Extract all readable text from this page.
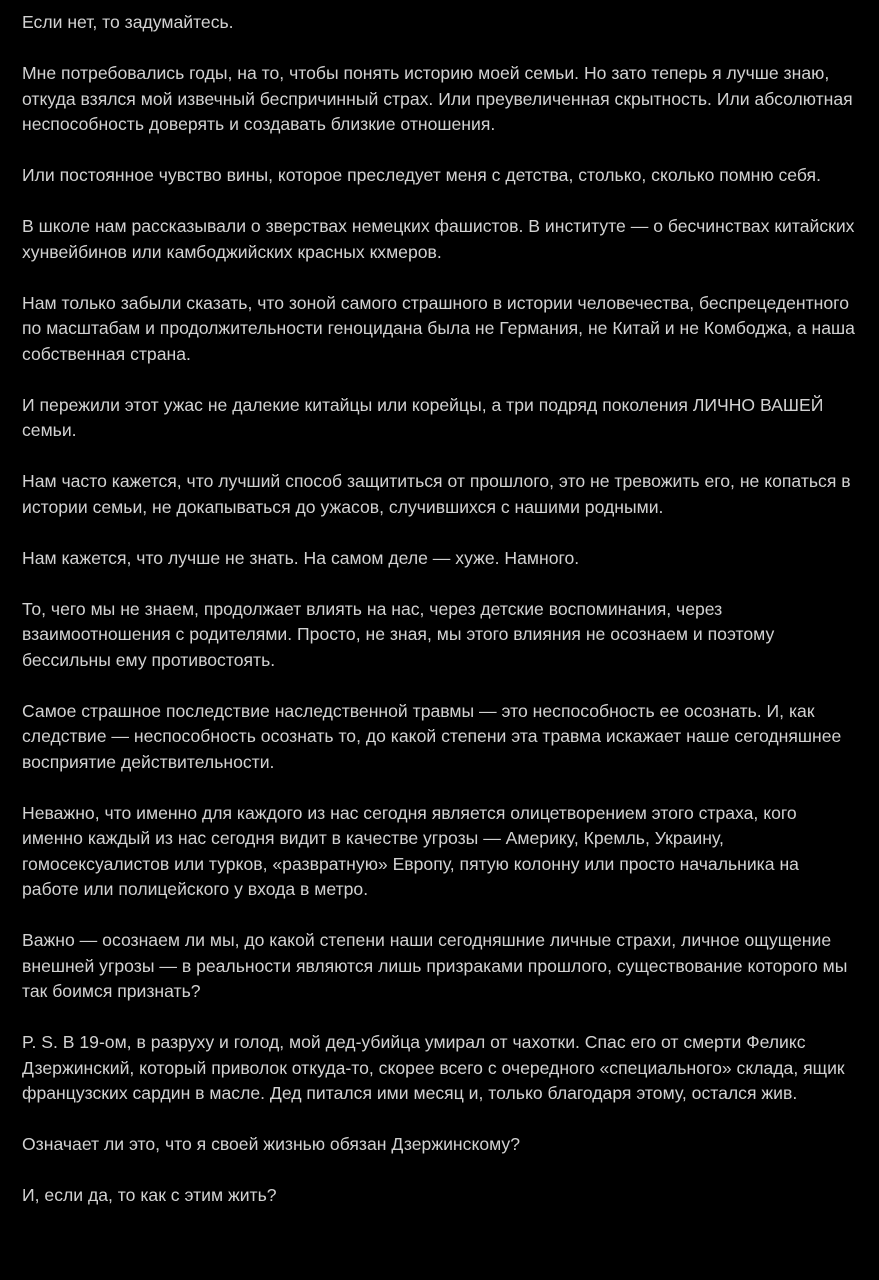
Если нет, то задумайтесь.

Мне потребовались годы, на то, чтобы понять историю моей семьи. Но зато теперь я лучше знаю, откуда взялся мой извечный беспричинный страх. Или преувеличенная скрытность. Или абсолютная неспособность доверять и создавать близкие отношения.

Или постоянное чувство вины, которое преследует меня с детства, столько, сколько помню себя.

В школе нам рассказывали о зверствах немецких фашистов. В институте — о бесчинствах китайских хунвейбинов или камбоджийских красных кхмеров.

Нам только забыли сказать, что зоной самого страшного в истории человечества, беспрецедентного по масштабам и продолжительности геноцидана была не Германия, не Китай и не Комбоджа, а наша собственная страна.

И пережили этот ужас не далекие китайцы или корейцы, а три подряд поколения ЛИЧНО ВАШЕЙ семьи.

Нам часто кажется, что лучший способ защититься от прошлого, это не тревожить его, не копаться в истории семьи, не докапываться до ужасов, случившихся с нашими родными.

Нам кажется, что лучше не знать. На самом деле — хуже. Намного.

То, чего мы не знаем, продолжает влиять на нас, через детские воспоминания, через взаимоотношения с родителями. Просто, не зная, мы этого влияния не осознаем и поэтому бессильны ему противостоять.

Самое страшное последствие наследственной травмы — это неспособность ее осознать. И, как следствие — неспособность осознать то, до какой степени эта травма искажает наше сегодняшнее восприятие действительности.

Неважно, что именно для каждого из нас сегодня является олицетворением этого страха, кого именно каждый из нас сегодня видит в качестве угрозы — Америку, Кремль, Украину, гомосексуалистов или турков, «развратную» Европу, пятую колонну или просто начальника на работе или полицейского у входа в метро.

Важно — осознаем ли мы, до какой степени наши сегодняшние личные страхи, личное ощущение внешней угрозы — в реальности являются лишь призраками прошлого, существование которого мы так боимся признать?

P. S. В 19-ом, в разруху и голод, мой дед-убийца умирал от чахотки. Спас его от смерти Феликс Дзержинский, который приволок откуда-то, скорее всего с очередного «специального» склада, ящик французских сардин в масле. Дед питался ими месяц и, только благодаря этому, остался жив.

Означает ли это, что я своей жизнью обязан Дзержинскому?

И, если да, то как с этим жить?
